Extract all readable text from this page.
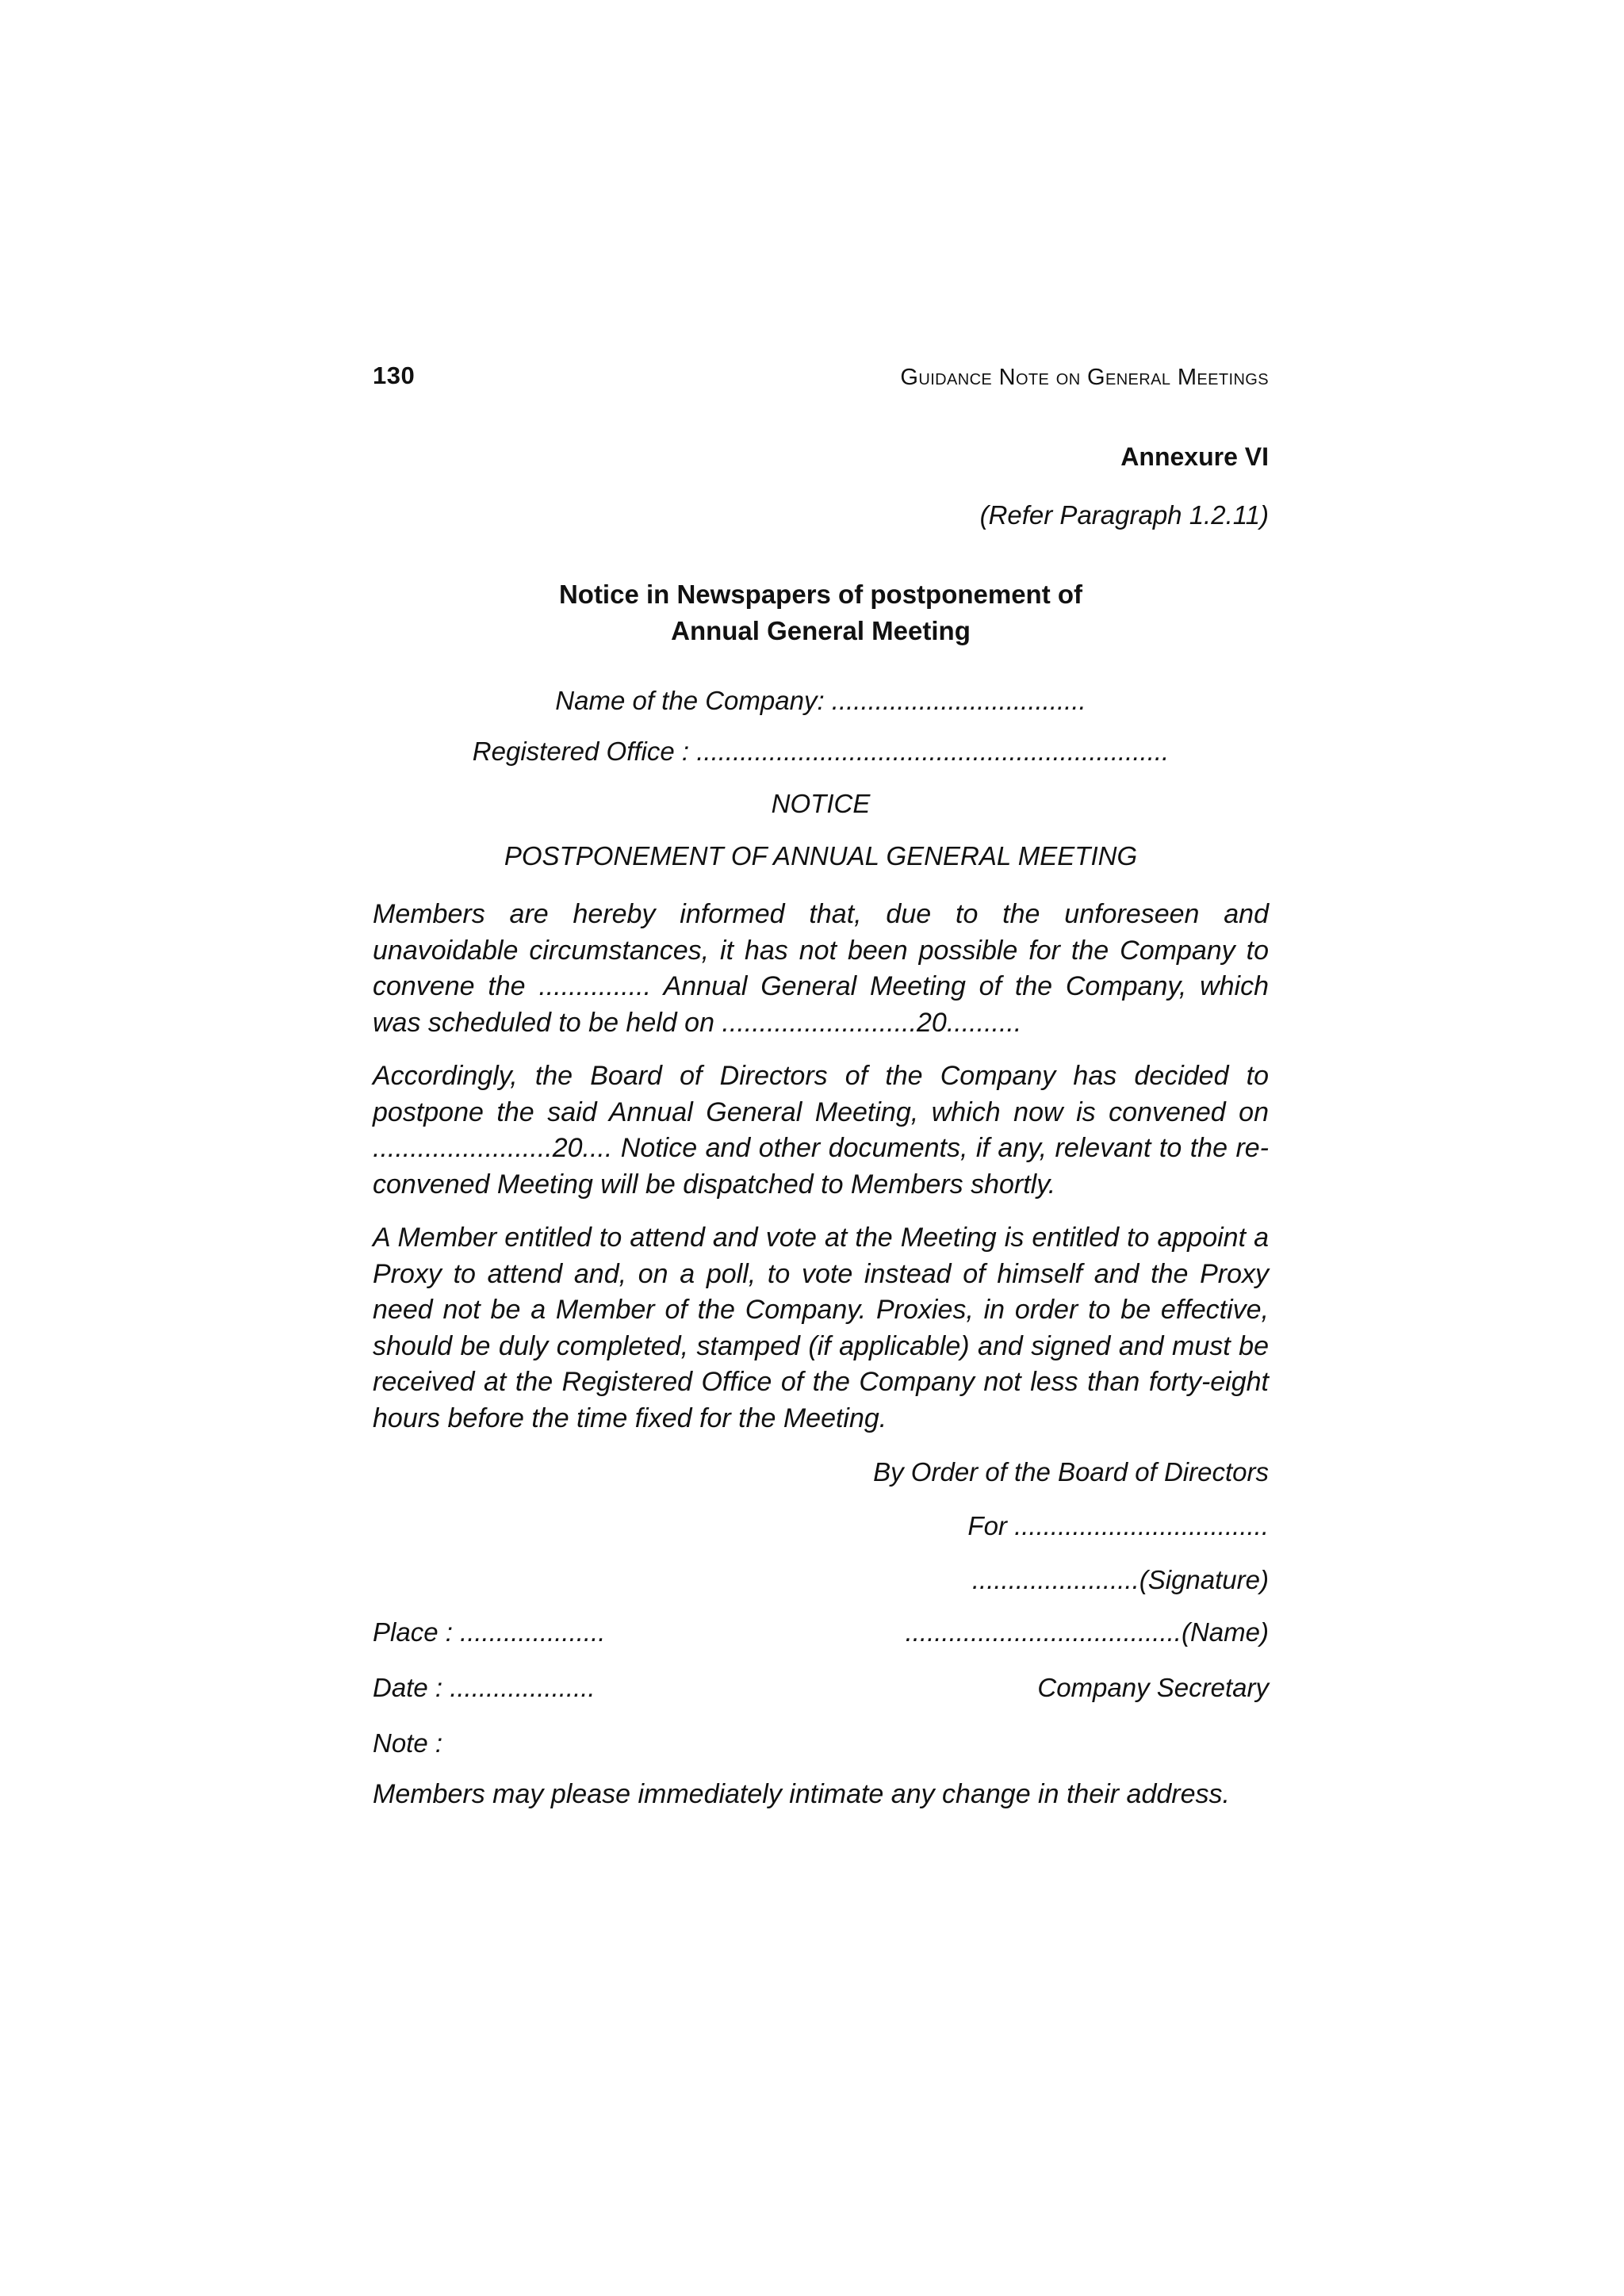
130	Guidance Note on General Meetings
Annexure VI
(Refer Paragraph 1.2.11)
Notice in Newspapers of postponement of
Annual General Meeting
Name of the Company: ...................................
Registered Office : .................................................................
NOTICE
POSTPONEMENT OF ANNUAL GENERAL MEETING

Members are hereby informed that, due to the unforeseen and unavoidable circumstances, it has not been possible for the Company to convene the ............... Annual General Meeting of the Company, which was scheduled to be held on ..........................20..........

Accordingly, the Board of Directors of the Company has decided to postpone the said Annual General Meeting, which now is convened on ........................20.... Notice and other documents, if any, relevant to the re-convened Meeting will be dispatched to Members shortly.

A Member entitled to attend and vote at the Meeting is entitled to appoint a Proxy to attend and, on a poll, to vote instead of himself and the Proxy need not be a Member of the Company. Proxies, in order to be effective, should be duly completed, stamped (if applicable) and signed and must be received at the Registered Office of the Company not less than forty-eight hours before the time fixed for the Meeting.

By Order of the Board of Directors
For ...................................
.......................(Signature)
Place : ....................	......................................(Name)
Date : ....................	Company Secretary
Note :
Members may please immediately intimate any change in their address.
